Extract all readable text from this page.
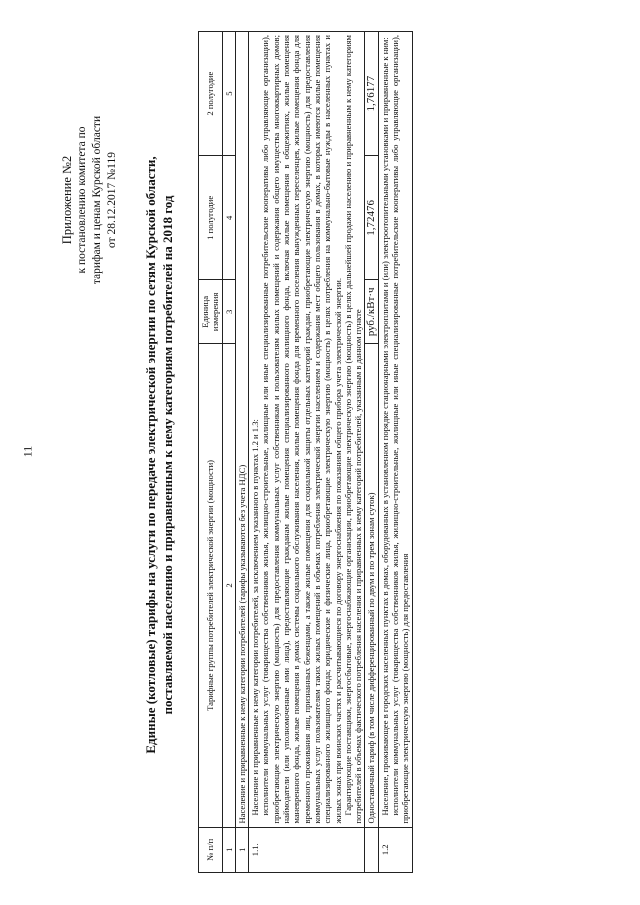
11
Приложение №2 к постановлению комитета по тарифам и ценам Курской области от 28.12.2017 №119 Единые (котловые) тарифы на услуги по передаче электрической энергии по сетям Курской области, поставляемой населению и приравненным к нему категориям потребителей на 2018 год
№ п/п	Тарифные группы потребителей электрической энергии (мощности)	Единица измерения	1 полугодие	2 полугодие
1	2	3	4	5
1	Население и приравненные к нему категории потребителей (тарифы указываются без учета НДС)			
1.1.	Население и приравненные к нему категории потребителей, за исключением указанного в пунктах 1.2 и 1.3: исполнители коммунальных услуг (товарищества собственников жилья, жилищно-строительные, жилищные или иные специализированные потребительские кооперативы либо управляющие организации), приобретающие электрическую энергию (мощность) для предоставления коммунальных услуг собственникам и пользователям жилых помещений и содержания общего имущества многоквартирных домов; наймодатели (или уполномоченные ими лица), предоставляющие гражданам жилые помещения специализированного жилищного фонда, включая жилые помещения в общежитиях, жилые помещения маневренного фонда, жилые помещения в домах системы социального обслуживания населения, жилые помещения фонда для временного поселения вынужденных переселенцев, жилые помещения фонда для временного проживания лиц, признанных беженцами, а также жилые помещения для социальной защиты отдельных категорий граждан, приобретающие электрическую энергию (мощность) для предоставления коммунальных услуг пользователям таких жилых помещений в объемах потребления электрической энергии населением и содержания мест общего пользования в домах, в которых имеются жилые помещения специализированного жилищного фонда; юридические и физические лица, приобретающие электрическую энергию (мощность) в целях потребления на коммунально-бытовые нужды в населенных пунктах и жилых зонах при воинских частях и рассчитывающиеся по договору энергоснабжения по показаниям общего прибора учета электрической энергии. Гарантирующие поставщики, энергосбытовые, энергоснабжающие организации, приобретающие электрическую энергию (мощность) в целях дальнейшей продажи населению и приравненным к нему категориям потребителей в объемах фактического потребления населения и приравненных к нему категорий потребителей, указанным в данном пункте			

	Одноставочный тариф (в том числе дифференцированный по двум и по трем зонам суток)	руб./кВт·ч	1,72476	1,76177
1.2	Население, проживающее в городских населенных пунктах в домах, оборудованных в установленном порядке стационарными электроплитами и (или) электроотопительными установками и приравненные к ним: исполнители коммунальных услуг (товарищества собственников жилья, жилищно-строительные, жилищные или иные специализированные потребительские кооперативы либо управляющие организации), приобретающие электрическую энергию (мощность) для предоставления			
